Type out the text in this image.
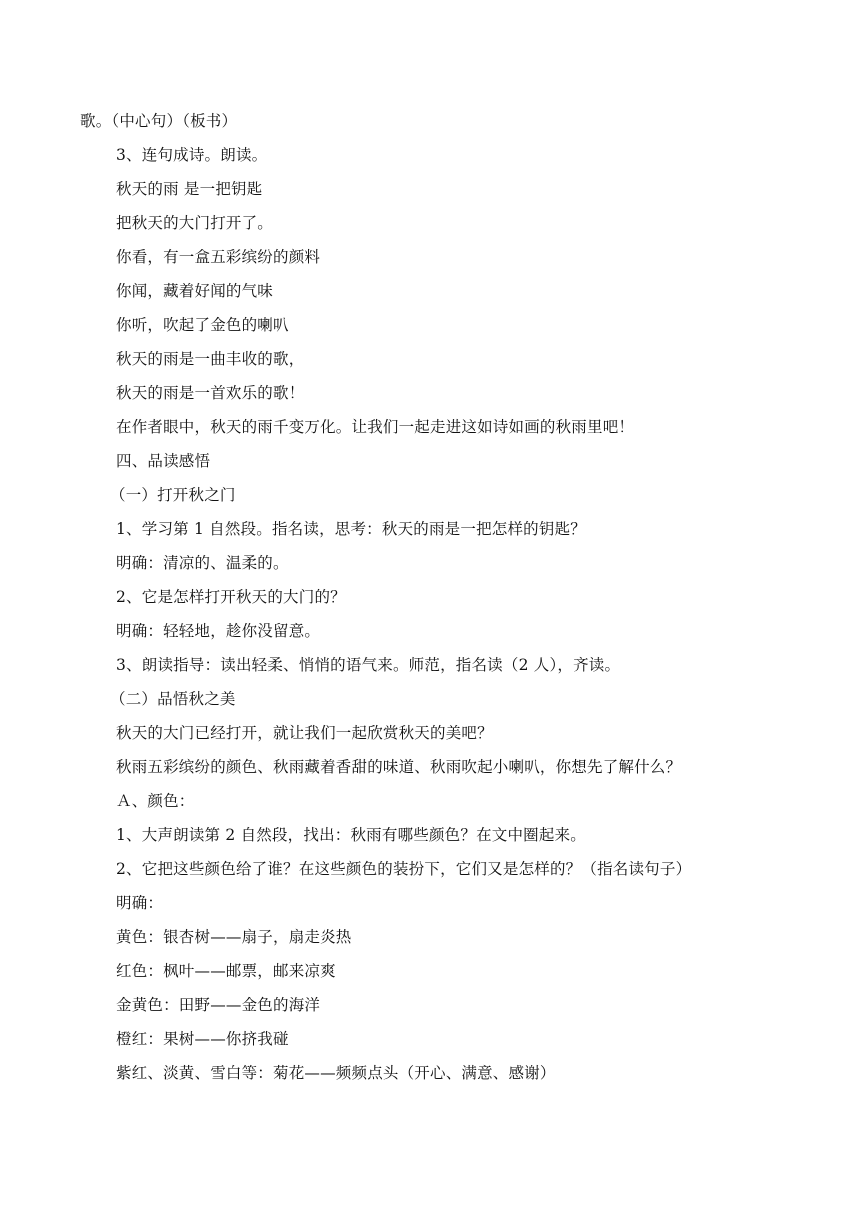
歌。（中心句）（板书）
3、连句成诗。朗读。
秋天的雨 是一把钥匙
把秋天的大门打开了。
你看，有一盒五彩缤纷的颜料
你闻，藏着好闻的气味
你听，吹起了金色的喇叭
秋天的雨是一曲丰收的歌，
秋天的雨是一首欢乐的歌！
在作者眼中，秋天的雨千变万化。让我们一起走进这如诗如画的秋雨里吧！
四、品读感悟
（一）打开秋之门
1、学习第 1 自然段。指名读，思考：秋天的雨是一把怎样的钥匙？
明确：清凉的、温柔的。
2、它是怎样打开秋天的大门的？
明确：轻轻地，趁你没留意。
3、朗读指导：读出轻柔、悄悄的语气来。师范，指名读（2 人），齐读。
（二）品悟秋之美
秋天的大门已经打开，就让我们一起欣赏秋天的美吧？
秋雨五彩缤纷的颜色、秋雨藏着香甜的味道、秋雨吹起小喇叭，你想先了解什么？
Ａ、颜色：
1、大声朗读第 2 自然段，找出：秋雨有哪些颜色？在文中圈起来。
2、它把这些颜色给了谁？在这些颜色的装扮下，它们又是怎样的？（指名读句子）
明确：
黄色：银杏树——扇子，扇走炎热
红色：枫叶——邮票，邮来凉爽
金黄色：田野——金色的海洋
橙红：果树——你挤我碰
紫红、淡黄、雪白等：菊花——频频点头（开心、满意、感谢）
